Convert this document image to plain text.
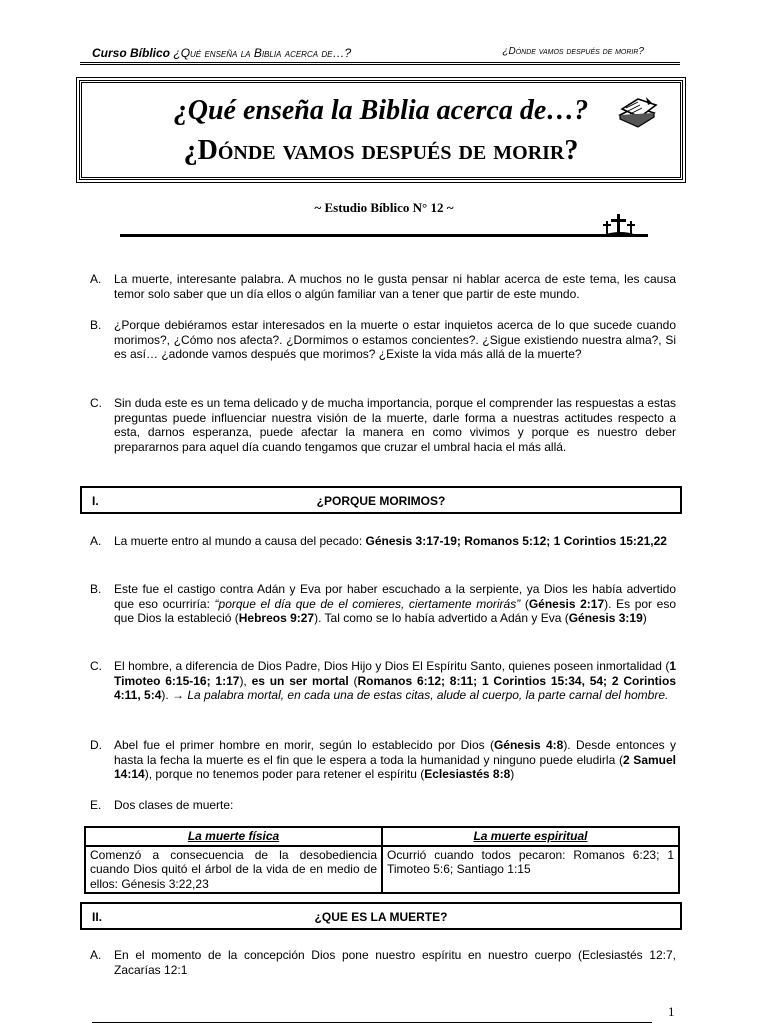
Curso Bíblico ¿Qué enseña la Biblia acerca de…?	¿Dónde vamos después de morir?
¿Qué enseña la Biblia acerca de…?
¿Dónde vamos después de morir?
~ Estudio Bíblico N° 12 ~
A. La muerte, interesante palabra. A muchos no le gusta pensar ni hablar acerca de este tema, les causa temor solo saber que un día ellos o algún familiar van a tener que partir de este mundo.
B. ¿Porque debiéramos estar interesados en la muerte o estar inquietos acerca de lo que sucede cuando morimos?, ¿Cómo nos afecta?. ¿Dormimos o estamos concientes?. ¿Sigue existiendo nuestra alma?, Si es así… ¿adonde vamos después que morimos? ¿Existe la vida más allá de la muerte?
C. Sin duda este es un tema delicado y de mucha importancia, porque el comprender las respuestas a estas preguntas puede influenciar nuestra visión de la muerte, darle forma a nuestras actitudes respecto a esta, darnos esperanza, puede afectar la manera en como vivimos y porque es nuestro deber prepararnos para aquel día cuando tengamos que cruzar el umbral hacia el más allá.
I.	¿PORQUE MORIMOS?
A. La muerte entro al mundo a causa del pecado: Génesis 3:17-19; Romanos 5:12; 1 Corintios 15:21,22
B. Este fue el castigo contra Adán y Eva por haber escuchado a la serpiente, ya Dios les había advertido que eso ocurriría: “porque el día que de el comieres, ciertamente morirás” (Génesis 2:17). Es por eso que Dios la estableció (Hebreos 9:27). Tal como se lo había advertido a Adán y Eva (Génesis 3:19)
C. El hombre, a diferencia de Dios Padre, Dios Hijo y Dios El Espíritu Santo, quienes poseen inmortalidad (1 Timoteo 6:15-16; 1:17), es un ser mortal (Romanos 6:12; 8:11; 1 Corintios 15:34, 54; 2 Corintios 4:11, 5:4). → La palabra mortal, en cada una de estas citas, alude al cuerpo, la parte carnal del hombre.
D. Abel fue el primer hombre en morir, según lo establecido por Dios (Génesis 4:8). Desde entonces y hasta la fecha la muerte es el fin que le espera a toda la humanidad y ninguno puede eludirla (2 Samuel 14:14), porque no tenemos poder para retener el espíritu (Eclesiastés 8:8)
E. Dos clases de muerte:
La muerte física	La muerte espiritual
Comenzó a consecuencia de la desobediencia cuando Dios quitó el árbol de la vida de en medio de ellos: Génesis 3:22,23	Ocurrió cuando todos pecaron: Romanos 6:23; 1 Timoteo 5:6; Santiago 1:15
II.	¿QUE ES LA MUERTE?
A. En el momento de la concepción Dios pone nuestro espíritu en nuestro cuerpo (Eclesiastés 12:7, Zacarías 12:1
1
